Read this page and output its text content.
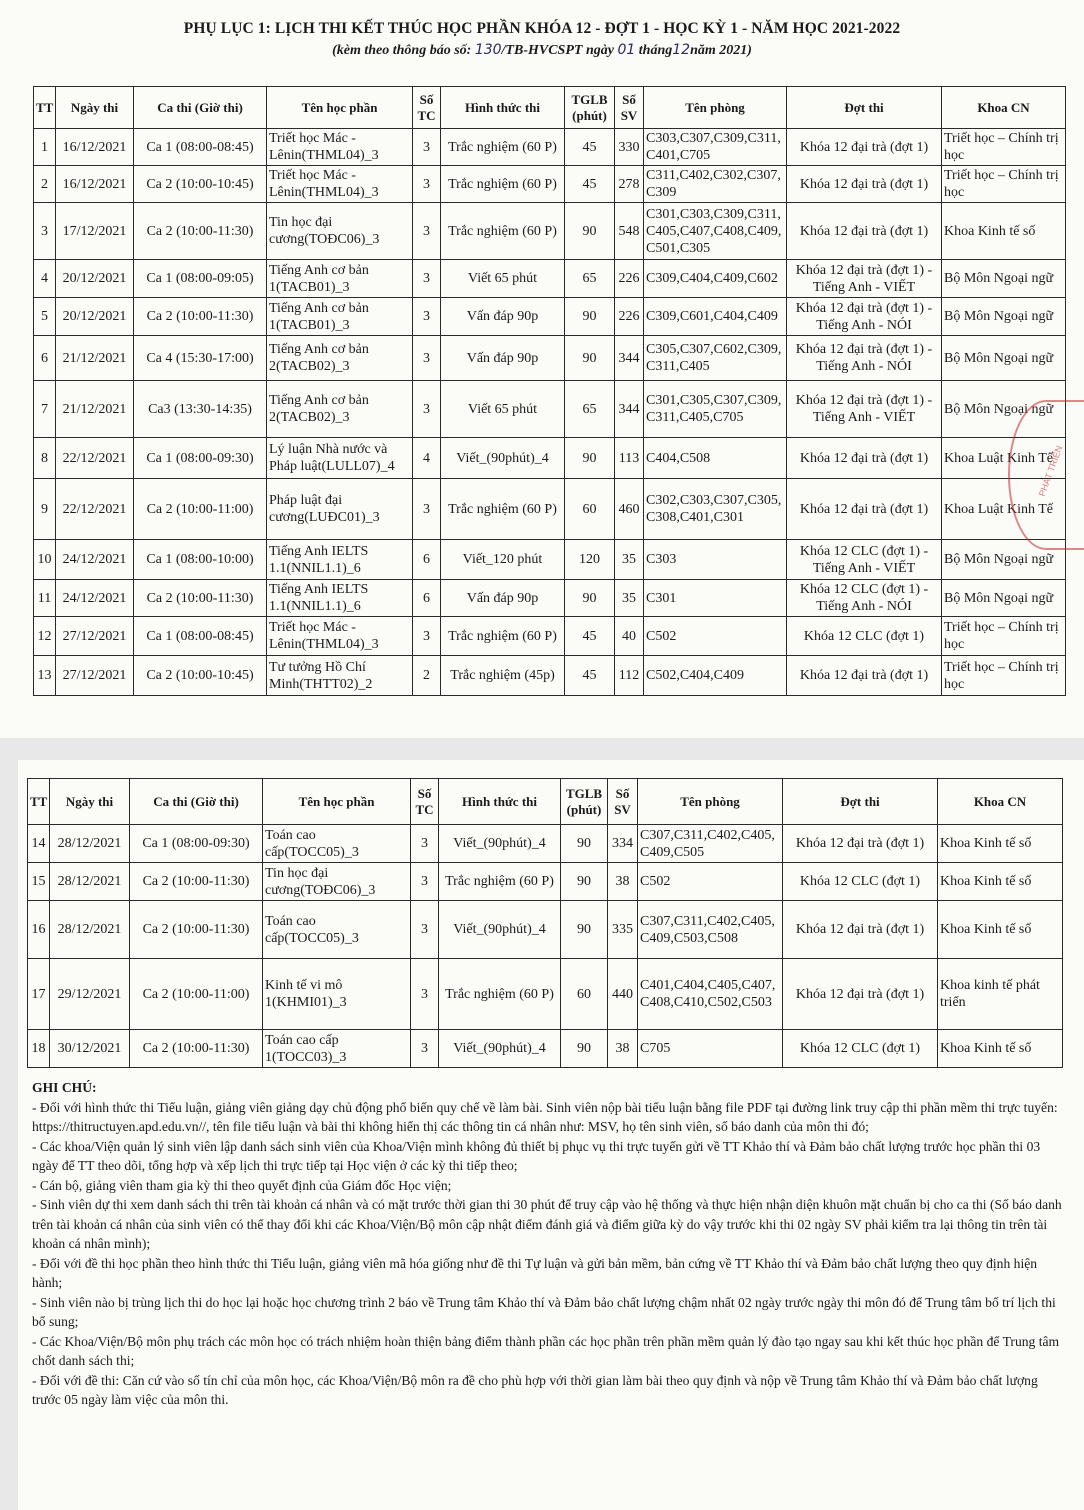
PHỤ LỤC 1: LỊCH THI KẾT THÚC HỌC PHẦN KHÓA 12 - ĐỢT 1 - HỌC KỲ 1 - NĂM HỌC 2021-2022
(kèm theo thông báo số: 130/TB-HVCSPT ngày 01 tháng12năm 2021)
TT	Ngày thi	Ca thi (Giờ thi)	Tên học phần	Số TC	Hình thức thi	TGLB (phút)	Số SV	Tên phòng	Đợt thi	Khoa CN
1	16/12/2021	Ca 1 (08:00-08:45)	Triết học Mác - Lênin(THML04)_3	3	Trắc nghiệm (60 P)	45	330	C303,C307,C309,C311,C401,C705	Khóa 12 đại trà (đợt 1)	Triết học – Chính trị học
2	16/12/2021	Ca 2 (10:00-10:45)	Triết học Mác - Lênin(THML04)_3	3	Trắc nghiệm (60 P)	45	278	C311,C402,C302,C307,C309	Khóa 12 đại trà (đợt 1)	Triết học – Chính trị học
3	17/12/2021	Ca 2 (10:00-11:30)	Tin học đại cương(TOĐC06)_3	3	Trắc nghiệm (60 P)	90	548	C301,C303,C309,C311,C405,C407,C408,C409,C501,C305	Khóa 12 đại trà (đợt 1)	Khoa Kinh tế số
4	20/12/2021	Ca 1 (08:00-09:05)	Tiếng Anh cơ bản 1(TACB01)_3	3	Viết 65 phút	65	226	C309,C404,C409,C602	Khóa 12 đại trà (đợt 1) - Tiếng Anh - VIẾT	Bộ Môn Ngoại ngữ
5	20/12/2021	Ca 2 (10:00-11:30)	Tiếng Anh cơ bản 1(TACB01)_3	3	Vấn đáp 90p	90	226	C309,C601,C404,C409	Khóa 12 đại trà (đợt 1) - Tiếng Anh - NÓI	Bộ Môn Ngoại ngữ
6	21/12/2021	Ca 4 (15:30-17:00)	Tiếng Anh cơ bản 2(TACB02)_3	3	Vấn đáp 90p	90	344	C305,C307,C602,C309,C311,C405	Khóa 12 đại trà (đợt 1) - Tiếng Anh - NÓI	Bộ Môn Ngoại ngữ
7	21/12/2021	Ca3 (13:30-14:35)	Tiếng Anh cơ bản 2(TACB02)_3	3	Viết 65 phút	65	344	C301,C305,C307,C309,C311,C405,C705	Khóa 12 đại trà (đợt 1) - Tiếng Anh - VIẾT	Bộ Môn Ngoại ngữ
8	22/12/2021	Ca 1 (08:00-09:30)	Lý luận Nhà nước và Pháp luật(LULL07)_4	4	Viết_(90phút)_4	90	113	C404,C508	Khóa 12 đại trà (đợt 1)	Khoa Luật Kinh Tế
9	22/12/2021	Ca 2 (10:00-11:00)	Pháp luật đại cương(LUĐC01)_3	3	Trắc nghiệm (60 P)	60	460	C302,C303,C307,C305,C308,C401,C301	Khóa 12 đại trà (đợt 1)	Khoa Luật Kinh Tế
10	24/12/2021	Ca 1 (08:00-10:00)	Tiếng Anh IELTS 1.1(NNIL1.1)_6	6	Viết_120 phút	120	35	C303	Khóa 12 CLC (đợt 1) - Tiếng Anh - VIẾT	Bộ Môn Ngoại ngữ
11	24/12/2021	Ca 2 (10:00-11:30)	Tiếng Anh IELTS 1.1(NNIL1.1)_6	6	Vấn đáp 90p	90	35	C301	Khóa 12 CLC (đợt 1) - Tiếng Anh - NÓI	Bộ Môn Ngoại ngữ
12	27/12/2021	Ca 1 (08:00-08:45)	Triết học Mác - Lênin(THML04)_3	3	Trắc nghiệm (60 P)	45	40	C502	Khóa 12 CLC (đợt 1)	Triết học – Chính trị học
13	27/12/2021	Ca 2 (10:00-10:45)	Tư tưởng Hồ Chí Minh(THTT02)_2	2	Trắc nghiệm (45p)	45	112	C502,C404,C409	Khóa 12 đại trà (đợt 1)	Triết học – Chính trị học
TT	Ngày thi	Ca thi (Giờ thi)	Tên học phần	Số TC	Hình thức thi	TGLB (phút)	Số SV	Tên phòng	Đợt thi	Khoa CN
14	28/12/2021	Ca 1 (08:00-09:30)	Toán cao cấp(TOCC05)_3	3	Viết_(90phút)_4	90	334	C307,C311,C402,C405,C409,C505	Khóa 12 đại trà (đợt 1)	Khoa Kinh tế số
15	28/12/2021	Ca 2 (10:00-11:30)	Tin học đại cương(TOĐC06)_3	3	Trắc nghiệm (60 P)	90	38	C502	Khóa 12 CLC (đợt 1)	Khoa Kinh tế số
16	28/12/2021	Ca 2 (10:00-11:30)	Toán cao cấp(TOCC05)_3	3	Viết_(90phút)_4	90	335	C307,C311,C402,C405,C409,C503,C508	Khóa 12 đại trà (đợt 1)	Khoa Kinh tế số
17	29/12/2021	Ca 2 (10:00-11:00)	Kinh tế vi mô 1(KHMI01)_3	3	Trắc nghiệm (60 P)	60	440	C401,C404,C405,C407,C408,C410,C502,C503	Khóa 12 đại trà (đợt 1)	Khoa kinh tế phát triển
18	30/12/2021	Ca 2 (10:00-11:30)	Toán cao cấp 1(TOCC03)_3	3	Viết_(90phút)_4	90	38	C705	Khóa 12 CLC (đợt 1)	Khoa Kinh tế số

GHI CHÚ:

- Đối với hình thức thi Tiểu luận, giảng viên giảng dạy chủ động phổ biến quy chế về làm bài. Sinh viên nộp bài tiểu luận bằng file PDF tại đường link truy cập thi phần mềm thi trực tuyến: https://thitructuyen.apd.edu.vn//, tên file tiểu luận và bài thi không hiển thị các thông tin cá nhân như: MSV, họ tên sinh viên, số báo danh của môn thi đó;

- Các khoa/Viện quản lý sinh viên lập danh sách sinh viên của Khoa/Viện mình không đủ thiết bị phục vụ thi trực tuyến gửi về TT Khảo thí và Đảm bảo chất lượng trước học phần thi 03 ngày để TT theo dõi, tổng hợp và xếp lịch thi trực tiếp tại Học viện ở các kỳ thi tiếp theo;

- Cán bộ, giảng viên tham gia kỳ thi theo quyết định của Giám đốc Học viện;

- Sinh viên dự thi xem danh sách thi trên tài khoản cá nhân và có mặt trước thời gian thi 30 phút để truy cập vào hệ thống và thực hiện nhận diện khuôn mặt chuẩn bị cho ca thi (Số báo danh trên tài khoản cá nhân của sinh viên có thể thay đổi khi các Khoa/Viện/Bộ môn cập nhật điểm đánh giá và điểm giữa kỳ do vậy trước khi thi 02 ngày SV phải kiểm tra lại thông tin trên tài khoản cá nhân mình);

- Đối với đề thi học phần theo hình thức thi Tiểu luận, giảng viên mã hóa giống như đề thi Tự luận và gửi bản mềm, bản cứng về TT Khảo thí và Đảm bảo chất lượng theo quy định hiện hành;

- Sinh viên nào bị trùng lịch thi do học lại hoặc học chương trình 2 báo về Trung tâm Khảo thí và Đảm bảo chất lượng chậm nhất 02 ngày trước ngày thi môn đó để Trung tâm bố trí lịch thi bổ sung;

- Các Khoa/Viện/Bộ môn phụ trách các môn học có trách nhiệm hoàn thiện bảng điểm thành phần các học phần trên phần mềm quản lý đào tạo ngay sau khi kết thúc học phần để Trung tâm chốt danh sách thi;

- Đối với đề thi: Căn cứ vào số tín chỉ của môn học, các Khoa/Viện/Bộ môn ra đề cho phù hợp với thời gian làm bài theo quy định và nộp về Trung tâm Khảo thí và Đảm bảo chất lượng trước 05 ngày làm việc của môn thi.

PHÁT TRIỂN
